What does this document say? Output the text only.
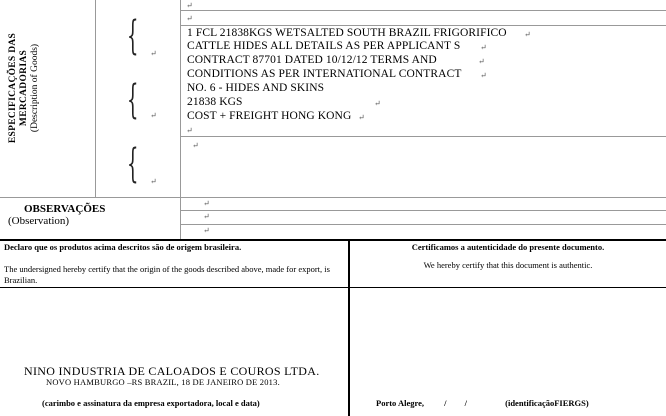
ESPECIFICAÇÕES DAS MERCADORIAS (Description of Goods)
{
{
{
↵
↵
↵
↵
↵
1 FCL 21838KGS WETSALTED SOUTH BRAZIL FRIGORIFICO
CATTLE HIDES ALL DETAILS AS PER APPLICANT S
CONTRACT 87701 DATED 10/12/12 TERMS AND
CONDITIONS AS PER INTERNATIONAL CONTRACT
NO. 6 - HIDES AND SKINS
21838 KGS
COST + FREIGHT HONG KONG
↵
↵
↵
↵
↵
↵
↵
↵
OBSERVAÇÕES
(Observation)
↵
↵
↵
Declaro que os produtos acima descritos são de origem brasileira.
The undersigned hereby certify that the origin of the goods described above, made for export, is Brazilian.
NINO INDUSTRIA DE CALOADOS E COUROS LTDA.
NOVO HAMBURGO –RS BRAZIL, 18 DE JANEIRO DE 2013.
(carimbo e assinatura da empresa exportadora, local e data)
Certificamos a autenticidade do presente documento.
We hereby certify that this document is authentic.
Porto Alegre, / /	(identificaçãoFIERGS)
